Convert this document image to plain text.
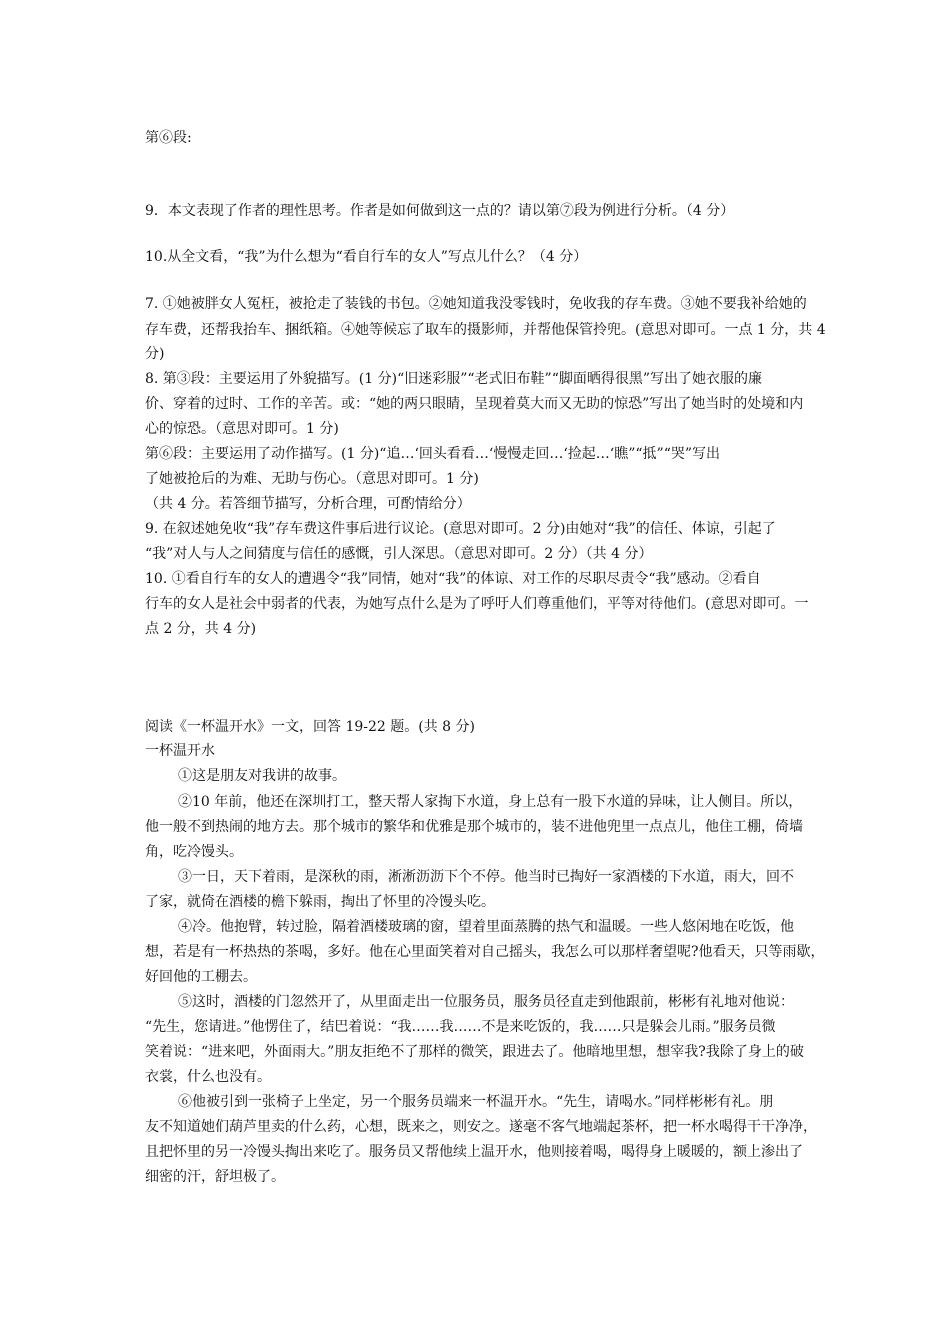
第⑥段:
9．本文表现了作者的理性思考。作者是如何做到这一点的？请以第⑦段为例进行分析。（4 分）
10.从全文看，“我”为什么想为“看自行车的女人”写点儿什么？（4 分）
7. ①她被胖女人冤枉，被抢走了装钱的书包。②她知道我没零钱时，免收我的存车费。③她不要我补给她的
存车费，还帮我抬车、捆纸箱。④她等候忘了取车的摄影师，并帮他保管拎兜。(意思对即可。一点 1 分，共 4
分)
8. 第③段：主要运用了外貌描写。(1 分)“旧迷彩服”“老式旧布鞋”“脚面晒得很黑”写出了她衣服的廉
价、穿着的过时、工作的辛苦。或：“她的两只眼睛，呈现着莫大而又无助的惊恐”写出了她当时的处境和内
心的惊恐。（意思对即可。1 分)
第⑥段：主要运用了动作描写。(1 分)“追…‘回头看看…‘慢慢走回…‘捡起…‘瞧”“抵”“哭”写出
了她被抢后的为难、无助与伤心。（意思对即可。1 分)
（共 4 分。若答细节描写，分析合理，可酌情给分）
9. 在叙述她免收“我”存车费这件事后进行议论。(意思对即可。2 分)由她对“我”的信任、体谅，引起了
“我”对人与人之间猜度与信任的感慨，引人深思。（意思对即可。2 分）（共 4 分）
10. ①看自行车的女人的遭遇令“我”同情，她对“我”的体谅、对工作的尽职尽责令“我”感动。②看自
行车的女人是社会中弱者的代表，为她写点什么是为了呼吁人们尊重他们，平等对待他们。(意思对即可。一
点 2 分，共 4 分)
阅读《一杯温开水》一文，回答 19-22 题。(共 8 分)
一杯温开水
①这是朋友对我讲的故事。
②10 年前，他还在深圳打工，整天帮人家掏下水道，身上总有一股下水道的异味，让人侧目。所以，
他一般不到热闹的地方去。那个城市的繁华和优雅是那个城市的，装不进他兜里一点点儿，他住工棚，倚墙
角，吃冷馒头。
③一日，天下着雨，是深秋的雨，淅淅沥沥下个不停。他当时已掏好一家酒楼的下水道，雨大，回不
了家，就倚在酒楼的檐下躲雨，掏出了怀里的冷馒头吃。
④冷。他抱臂，转过脸，隔着酒楼玻璃的窗，望着里面蒸腾的热气和温暖。一些人悠闲地在吃饭，他
想，若是有一杯热热的茶喝，多好。他在心里面笑着对自己摇头，我怎么可以那样奢望呢?他看天，只等雨歇，
好回他的工棚去。
⑤这时，酒楼的门忽然开了，从里面走出一位服务员，服务员径直走到他跟前，彬彬有礼地对他说：
“先生，您请进。”他愣住了，结巴着说：“我……我……不是来吃饭的，我……只是躲会儿雨。”服务员微
笑着说：“进来吧，外面雨大。”朋友拒绝不了那样的微笑，跟进去了。他暗地里想，想宰我?我除了身上的破
衣裳，什么也没有。
⑥他被引到一张椅子上坐定，另一个服务员端来一杯温开水。“先生，请喝水。”同样彬彬有礼。朋
友不知道她们葫芦里卖的什么药，心想，既来之，则安之。遂毫不客气地端起茶杯，把一杯水喝得干干净净，
且把怀里的另一冷馒头掏出来吃了。服务员又帮他续上温开水，他则接着喝，喝得身上暖暖的，额上渗出了
细密的汗，舒坦极了。
